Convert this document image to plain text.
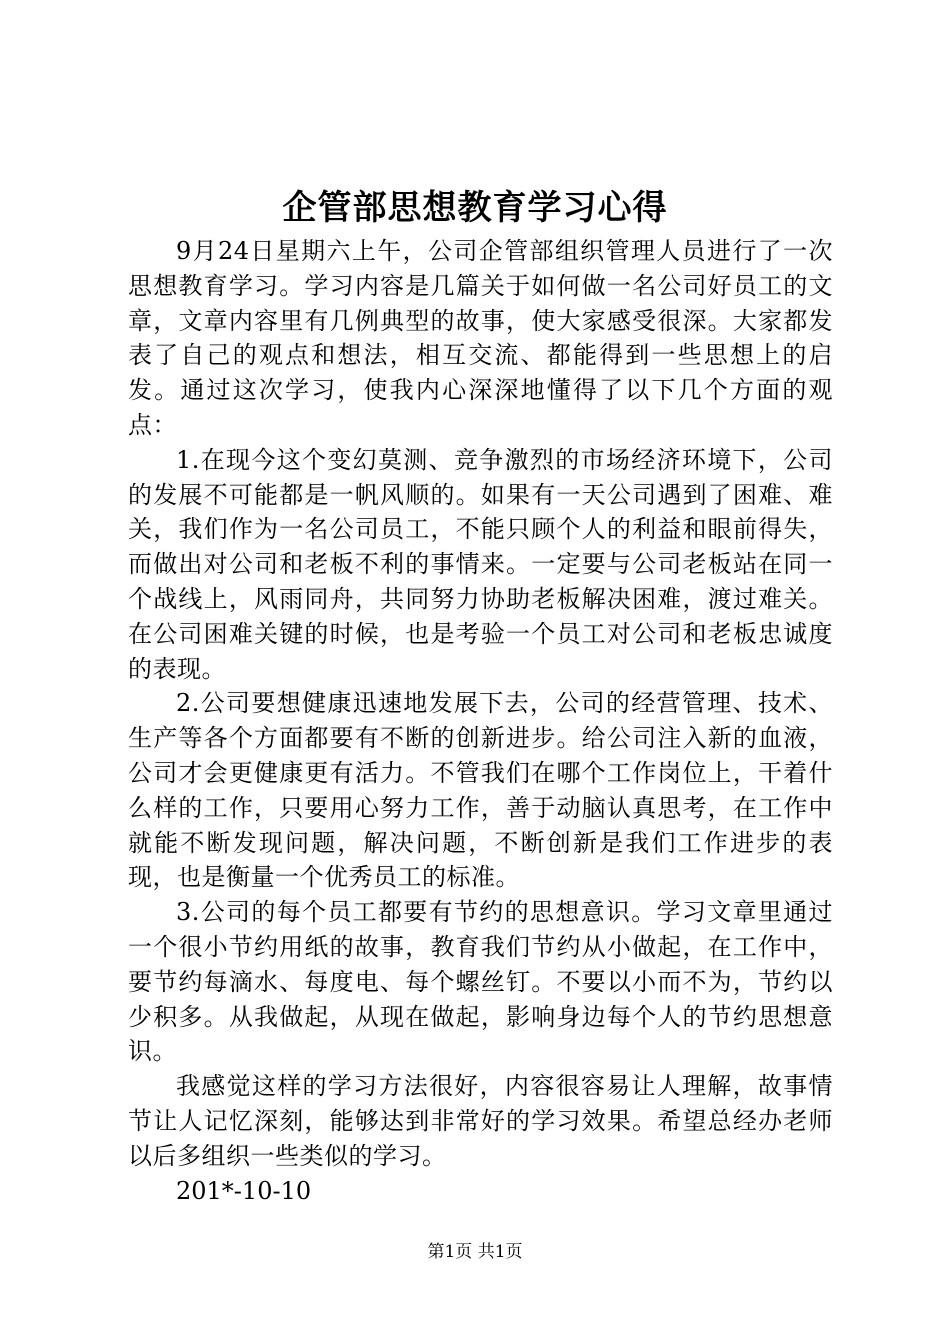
企管部思想教育学习心得

9月24日星期六上午，公司企管部组织管理人员进行了一次思想教育学习。学习内容是几篇关于如何做一名公司好员工的文章，文章内容里有几例典型的故事，使大家感受很深。大家都发表了自己的观点和想法，相互交流、都能得到一些思想上的启发。通过这次学习，使我内心深深地懂得了以下几个方面的观点：

1.在现今这个变幻莫测、竞争激烈的市场经济环境下，公司的发展不可能都是一帆风顺的。如果有一天公司遇到了困难、难关，我们作为一名公司员工，不能只顾个人的利益和眼前得失，而做出对公司和老板不利的事情来。一定要与公司老板站在同一个战线上，风雨同舟，共同努力协助老板解决困难，渡过难关。在公司困难关键的时候，也是考验一个员工对公司和老板忠诚度的表现。

2.公司要想健康迅速地发展下去，公司的经营管理、技术、生产等各个方面都要有不断的创新进步。给公司注入新的血液，公司才会更健康更有活力。不管我们在哪个工作岗位上，干着什么样的工作，只要用心努力工作，善于动脑认真思考，在工作中就能不断发现问题，解决问题，不断创新是我们工作进步的表现，也是衡量一个优秀员工的标准。

3.公司的每个员工都要有节约的思想意识。学习文章里通过一个很小节约用纸的故事，教育我们节约从小做起，在工作中，要节约每滴水、每度电、每个螺丝钉。不要以小而不为，节约以少积多。从我做起，从现在做起，影响身边每个人的节约思想意识。

我感觉这样的学习方法很好，内容很容易让人理解，故事情节让人记忆深刻，能够达到非常好的学习效果。希望总经办老师以后多组织一些类似的学习。

201*-10-10

第1页 共1页
